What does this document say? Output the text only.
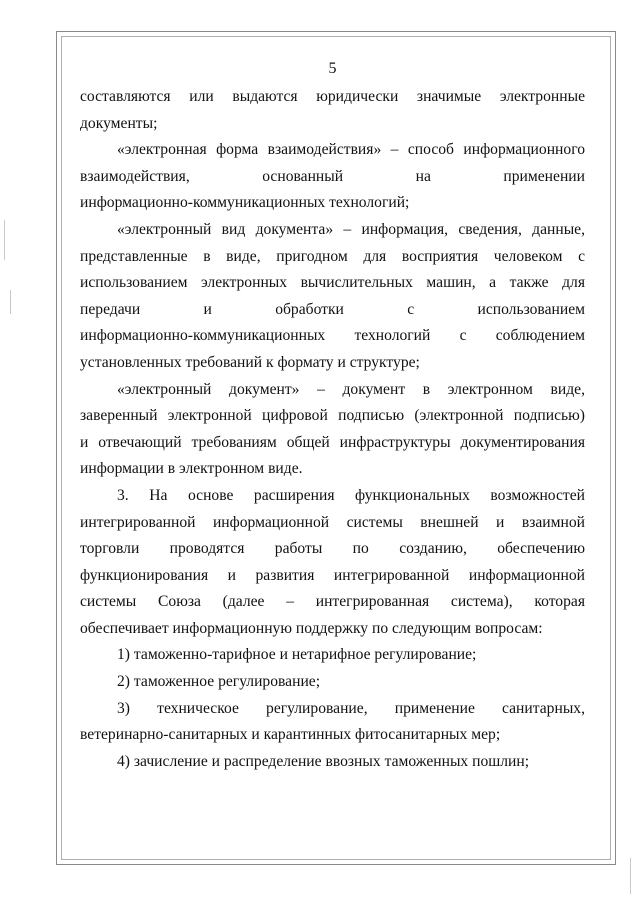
5
составляются или выдаются юридически значимые электронные
документы;
«электронная форма взаимодействия» – способ информационного
взаимодействия, основанный на применении
информационно-коммуникационных технологий;
«электронный вид документа» – информация, сведения, данные,
представленные в виде, пригодном для восприятия человеком с
использованием электронных вычислительных машин, а также для
передачи и обработки с использованием
информационно-коммуникационных технологий с соблюдением
установленных требований к формату и структуре;
«электронный документ» – документ в электронном виде,
заверенный электронной цифровой подписью (электронной подписью)
и отвечающий требованиям общей инфраструктуры документирования
информации в электронном виде.
3. На основе расширения функциональных возможностей
интегрированной информационной системы внешней и взаимной
торговли проводятся работы по созданию, обеспечению
функционирования и развития интегрированной информационной
системы Союза (далее – интегрированная система), которая
обеспечивает информационную поддержку по следующим вопросам:
1) таможенно-тарифное и нетарифное регулирование;
2) таможенное регулирование;
3) техническое регулирование, применение санитарных,
ветеринарно-санитарных и карантинных фитосанитарных мер;
4) зачисление и распределение ввозных таможенных пошлин;
